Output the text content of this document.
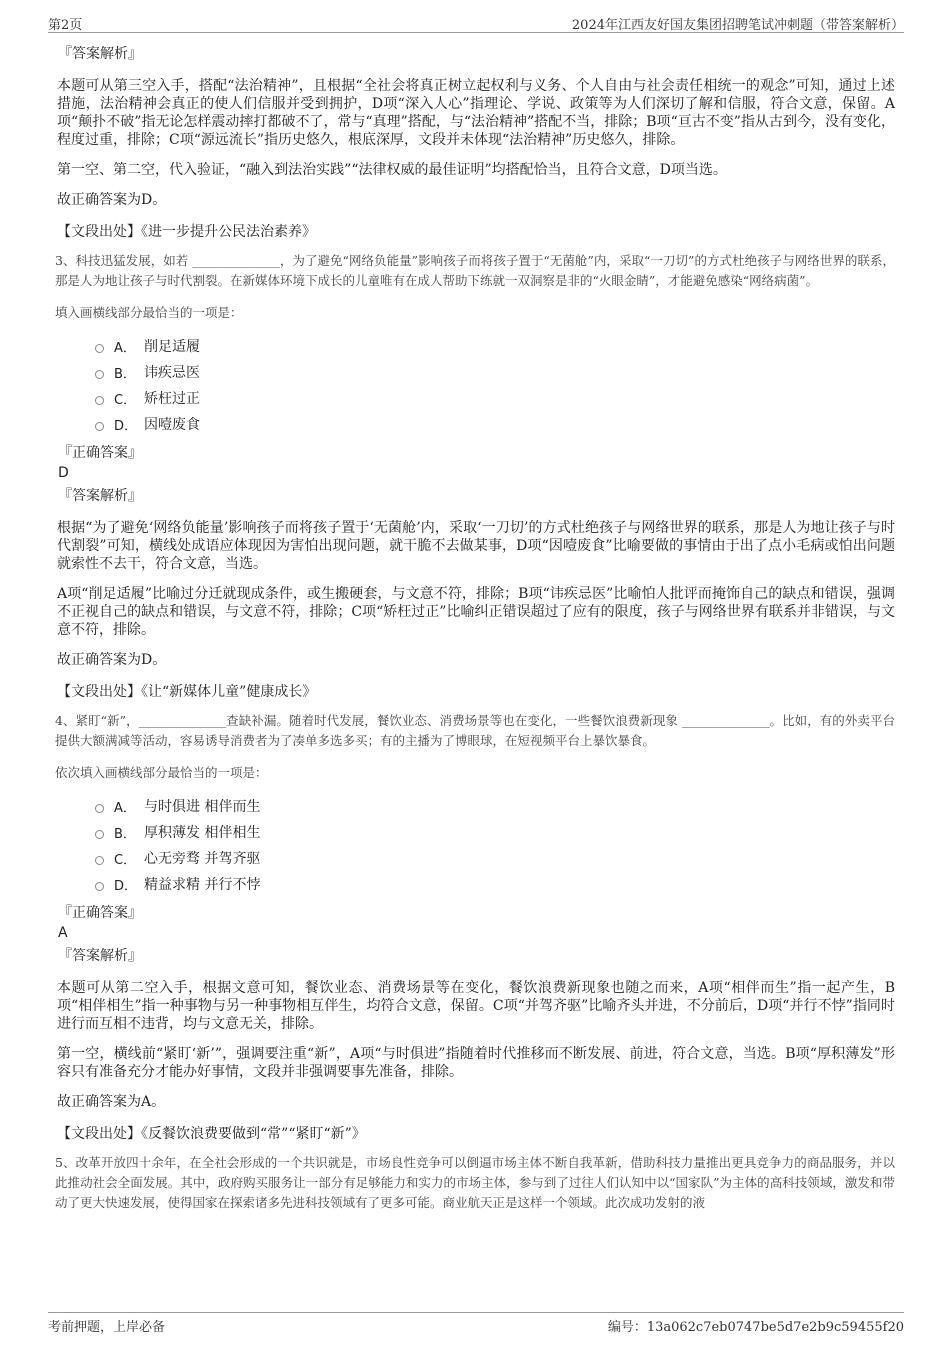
第2页	2024年江西友好国友集团招聘笔试冲刺题（带答案解析）
『答案解析』
本题可从第三空入手，搭配“法治精神”，且根据“全社会将真正树立起权利与义务、个人自由与社会责任相统一的观念”可知，通过上述措施，法治精神会真正的使人们信服并受到拥护，D项“深入人心”指理论、学说、政策等为人们深切了解和信服，符合文意，保留。A项“颠扑不破”指无论怎样震动摔打都破不了，常与“真理”搭配，与“法治精神”搭配不当，排除；B项“亘古不变”指从古到今，没有变化，程度过重，排除；C项“源远流长”指历史悠久，根底深厚，文段并未体现“法治精神”历史悠久，排除。
第一空、第二空，代入验证，“融入到法治实践”“法律权威的最佳证明”均搭配恰当，且符合文意，D项当选。
故正确答案为D。
【文段出处】《进一步提升公民法治素养》
3、科技迅猛发展，如若 ______________，为了避免“网络负能量”影响孩子而将孩子置于“无菌舱”内，采取“一刀切”的方式杜绝孩子与网络世界的联系，那是人为地让孩子与时代割裂。在新媒体环境下成长的儿童唯有在成人帮助下练就一双洞察是非的“火眼金睛”，才能避免感染“网络病菌”。
填入画横线部分最恰当的一项是：
A． 削足适履
B． 讳疾忌医
C． 矫枉过正
D． 因噎废食
『正确答案』
D
『答案解析』
根据“为了避免‘网络负能量’影响孩子而将孩子置于‘无菌舱’内，采取‘一刀切’的方式杜绝孩子与网络世界的联系，那是人为地让孩子与时代割裂”可知，横线处成语应体现因为害怕出现问题，就干脆不去做某事，D项“因噎废食”比喻要做的事情由于出了点小毛病或怕出问题就索性不去干，符合文意，当选。
A项“削足适履”比喻过分迁就现成条件，或生搬硬套，与文意不符，排除；B项“讳疾忌医”比喻怕人批评而掩饰自己的缺点和错误，强调不正视自己的缺点和错误，与文意不符，排除；C项“矫枉过正”比喻纠正错误超过了应有的限度，孩子与网络世界有联系并非错误，与文意不符，排除。
故正确答案为D。
【文段出处】《让“新媒体儿童”健康成长》
4、紧盯“新”，______________查缺补漏。随着时代发展，餐饮业态、消费场景等也在变化，一些餐饮浪费新现象 ______________。比如，有的外卖平台提供大额满减等活动，容易诱导消费者为了凑单多选多买；有的主播为了博眼球，在短视频平台上暴饮暴食。
依次填入画横线部分最恰当的一项是：
A． 与时俱进 相伴而生
B． 厚积薄发 相伴相生
C． 心无旁骛 并驾齐驱
D． 精益求精 并行不悖
『正确答案』
A
『答案解析』
本题可从第二空入手，根据文意可知，餐饮业态、消费场景等在变化，餐饮浪费新现象也随之而来，A项“相伴而生”指一起产生，B项“相伴相生”指一种事物与另一种事物相互伴生，均符合文意，保留。C项“并驾齐驱”比喻齐头并进，不分前后，D项“并行不悖”指同时进行而互相不违背，均与文意无关，排除。
第一空，横线前“紧盯‘新’”，强调要注重“新”，A项“与时俱进”指随着时代推移而不断发展、前进，符合文意，当选。B项“厚积薄发”形容只有准备充分才能办好事情，文段并非强调要事先准备，排除。
故正确答案为A。
【文段出处】《反餐饮浪费要做到“常”“紧盯“新”》
5、改革开放四十余年，在全社会形成的一个共识就是，市场良性竞争可以倒逼市场主体不断自我革新，借助科技力量推出更具竞争力的商品服务，并以此推动社会全面发展。其中，政府购买服务让一部分有足够能力和实力的市场主体，参与到了过往人们认知中以“国家队”为主体的高科技领域，激发和带动了更大快速发展，使得国家在探索诸多先进科技领域有了更多可能。商业航天正是这样一个领域。此次成功发射的液
考前押题，上岸必备	编号：13a062c7eb0747be5d7e2b9c59455f20
